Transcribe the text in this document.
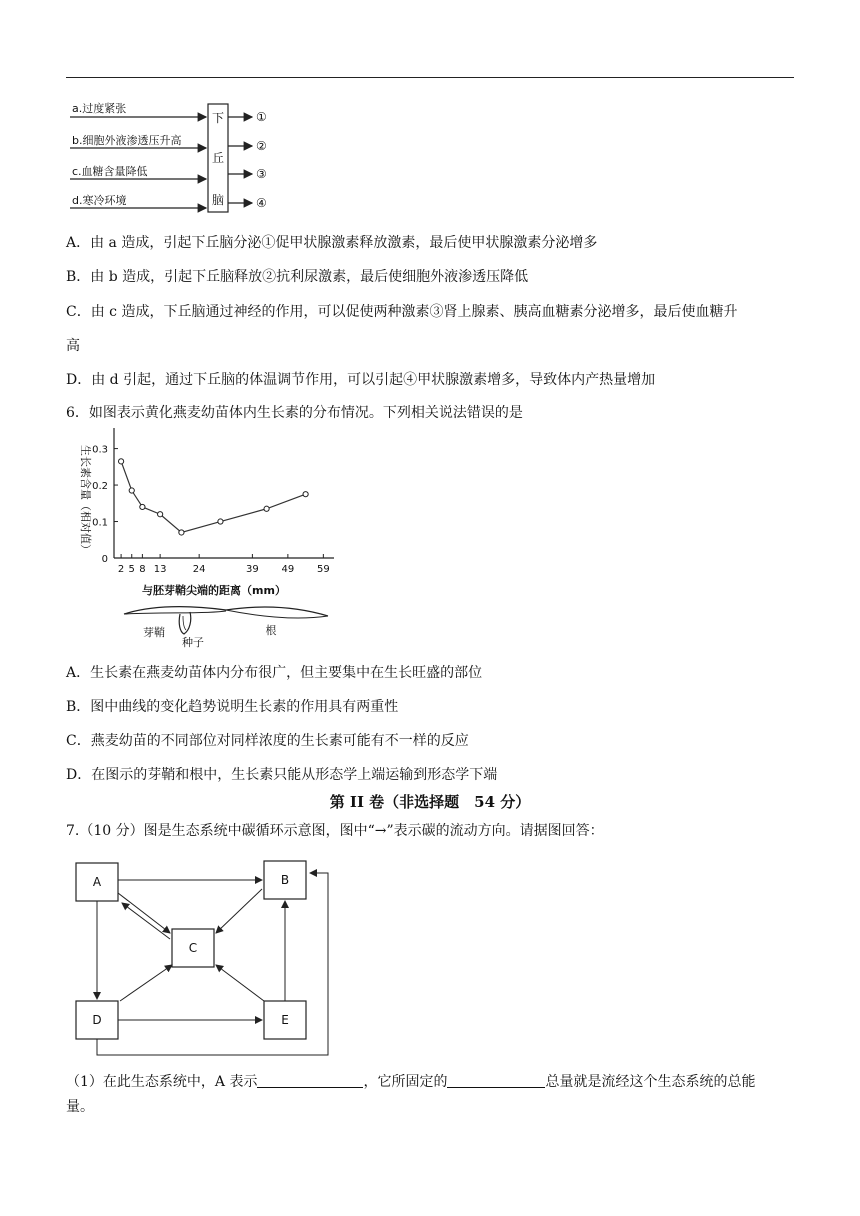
a.过度紧张
b.细胞外液渗透压升高
c.血糖含量降低
d.寒冷环境
下
丘
脑
①
②
③
④
A．由 a 造成，引起下丘脑分泌①促甲状腺激素释放激素，最后使甲状腺激素分泌增多
B．由 b 造成，引起下丘脑释放②抗利尿激素，最后使细胞外液渗透压降低
C．由 c 造成，下丘脑通过神经的作用，可以促使两种激素③肾上腺素、胰高血糖素分泌增多，最后使血糖升
高
D．由 d 引起，通过下丘脑的体温调节作用，可以引起④甲状腺激素增多，导致体内产热量增加
6．如图表示黄化燕麦幼苗体内生长素的分布情况。下列相关说法错误的是
生长素含量（相对值）
0
0.1
0.2
0.3
2 5 8 13	24	39 49 59
与胚芽鞘尖端的距离（mm）
芽鞘
种子
根
A．生长素在燕麦幼苗体内分布很广，但主要集中在生长旺盛的部位
B．图中曲线的变化趋势说明生长素的作用具有两重性
C．燕麦幼苗的不同部位对同样浓度的生长素可能有不一样的反应
D．在图示的芽鞘和根中，生长素只能从形态学上端运输到形态学下端
第 II 卷（非选择题　54 分）
7.（10 分）图是生态系统中碳循环示意图，图中“→”表示碳的流动方向。请据图回答：
A	B
C
D	E
（1）在此生态系统中，A 表示	，它所固定的	总量就是流经这个生态系统的总能
量。
